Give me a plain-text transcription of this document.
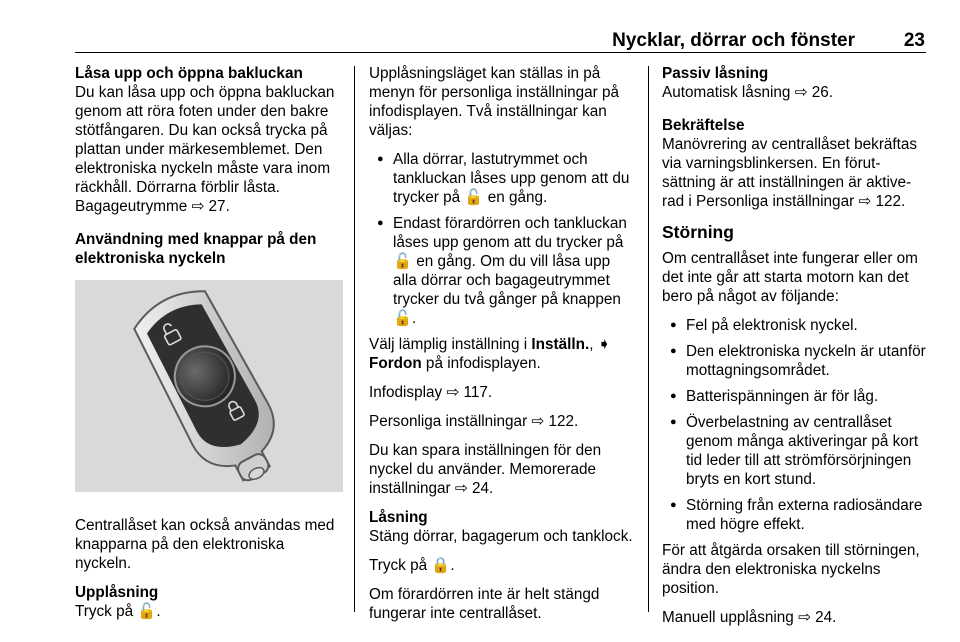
Nycklar, dörrar och fönster	23
Låsa upp och öppna bakluckan

Du kan låsa upp och öppna bakluckan genom att röra foten under den bakre stötfångaren. Du kan också trycka på plattan under märkesemblemet. Den elektroniska nyckeln måste vara inom räckhåll. Dörrarna förblir låsta. Bagageutrymme ⇨ 27.

Användning med knappar på den elektroniska nyckeln

Centrallåset kan också användas med knapparna på den elektroniska nyckeln.

Upplåsning

Tryck på 🔓.

Upplåsningsläget kan ställas in på menyn för personliga inställningar på infodisplayen. Två inställningar kan väljas:

● Alla dörrar, lastutrymmet och tankluckan låses upp genom att du trycker på 🔓 en gång.
● Endast förardörren och tankluckan låses upp genom att du trycker på 🔓 en gång. Om du vill låsa upp alla dörrar och bagageutrymmet trycker du två gånger på knappen 🔓.

Välj lämplig inställning i Inställn., ➧
Fordon på infodisplayen.

Infodisplay ⇨ 117.

Personliga inställningar ⇨ 122.

Du kan spara inställningen för den nyckel du använder. Memorerade inställningar ⇨ 24.

Låsning

Stäng dörrar, bagagerum och tanklock.

Tryck på 🔒.

Om förardörren inte är helt stängd fungerar inte centrallåset.

Passiv låsning

Automatisk låsning ⇨ 26.

Bekräftelse

Manövrering av centrallåset bekräftas via varningsblinkersen. En förutsättning är att inställningen är aktiverad i Personliga inställningar ⇨ 122.

Störning

Om centrallåset inte fungerar eller om det inte går att starta motorn kan det bero på något av följande:

● Fel på elektronisk nyckel.
● Den elektroniska nyckeln är utanför mottagningsområdet.
● Batterispänningen är för låg.
● Överbelastning av centrallåset genom många aktiveringar på kort tid leder till att strömförsörjningen bryts en kort stund.
● Störning från externa radiosändare med högre effekt.

För att åtgärda orsaken till störningen, ändra den elektroniska nyckelns position.

Manuell upplåsning ⇨ 24.
